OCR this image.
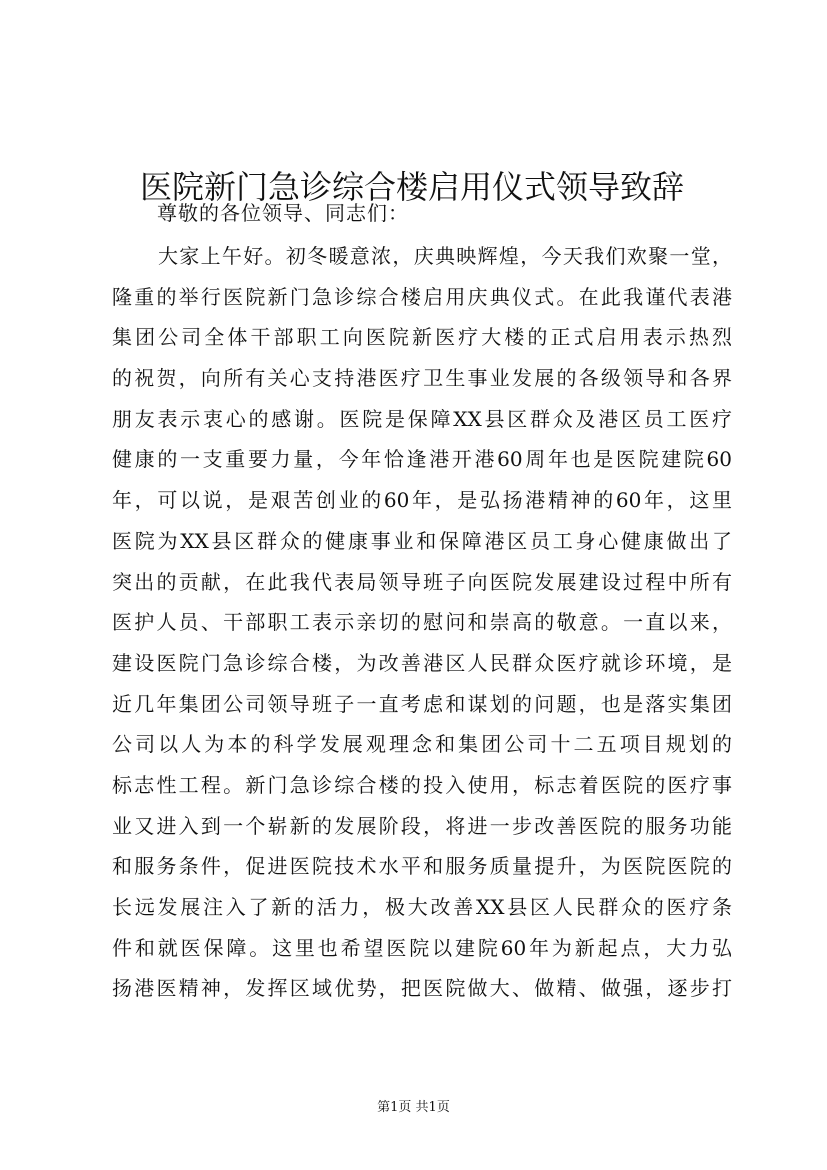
医院新门急诊综合楼启用仪式领导致辞
尊敬的各位领导、同志们：
大家上午好。初冬暖意浓，庆典映辉煌，今天我们欢聚一堂，
隆重的举行医院新门急诊综合楼启用庆典仪式。在此我谨代表港
集团公司全体干部职工向医院新医疗大楼的正式启用表示热烈
的祝贺，向所有关心支持港医疗卫生事业发展的各级领导和各界
朋友表示衷心的感谢。医院是保障XX县区群众及港区员工医疗
健康的一支重要力量，今年恰逢港开港60周年也是医院建院60
年，可以说，是艰苦创业的60年，是弘扬港精神的60年，这里
医院为XX县区群众的健康事业和保障港区员工身心健康做出了
突出的贡献，在此我代表局领导班子向医院发展建设过程中所有
医护人员、干部职工表示亲切的慰问和崇高的敬意。一直以来，
建设医院门急诊综合楼，为改善港区人民群众医疗就诊环境，是
近几年集团公司领导班子一直考虑和谋划的问题，也是落实集团
公司以人为本的科学发展观理念和集团公司十二五项目规划的
标志性工程。新门急诊综合楼的投入使用，标志着医院的医疗事
业又进入到一个崭新的发展阶段，将进一步改善医院的服务功能
和服务条件，促进医院技术水平和服务质量提升，为医院医院的
长远发展注入了新的活力，极大改善XX县区人民群众的医疗条
件和就医保障。这里也希望医院以建院60年为新起点，大力弘
扬港医精神，发挥区域优势，把医院做大、做精、做强，逐步打
第1页 共1页
